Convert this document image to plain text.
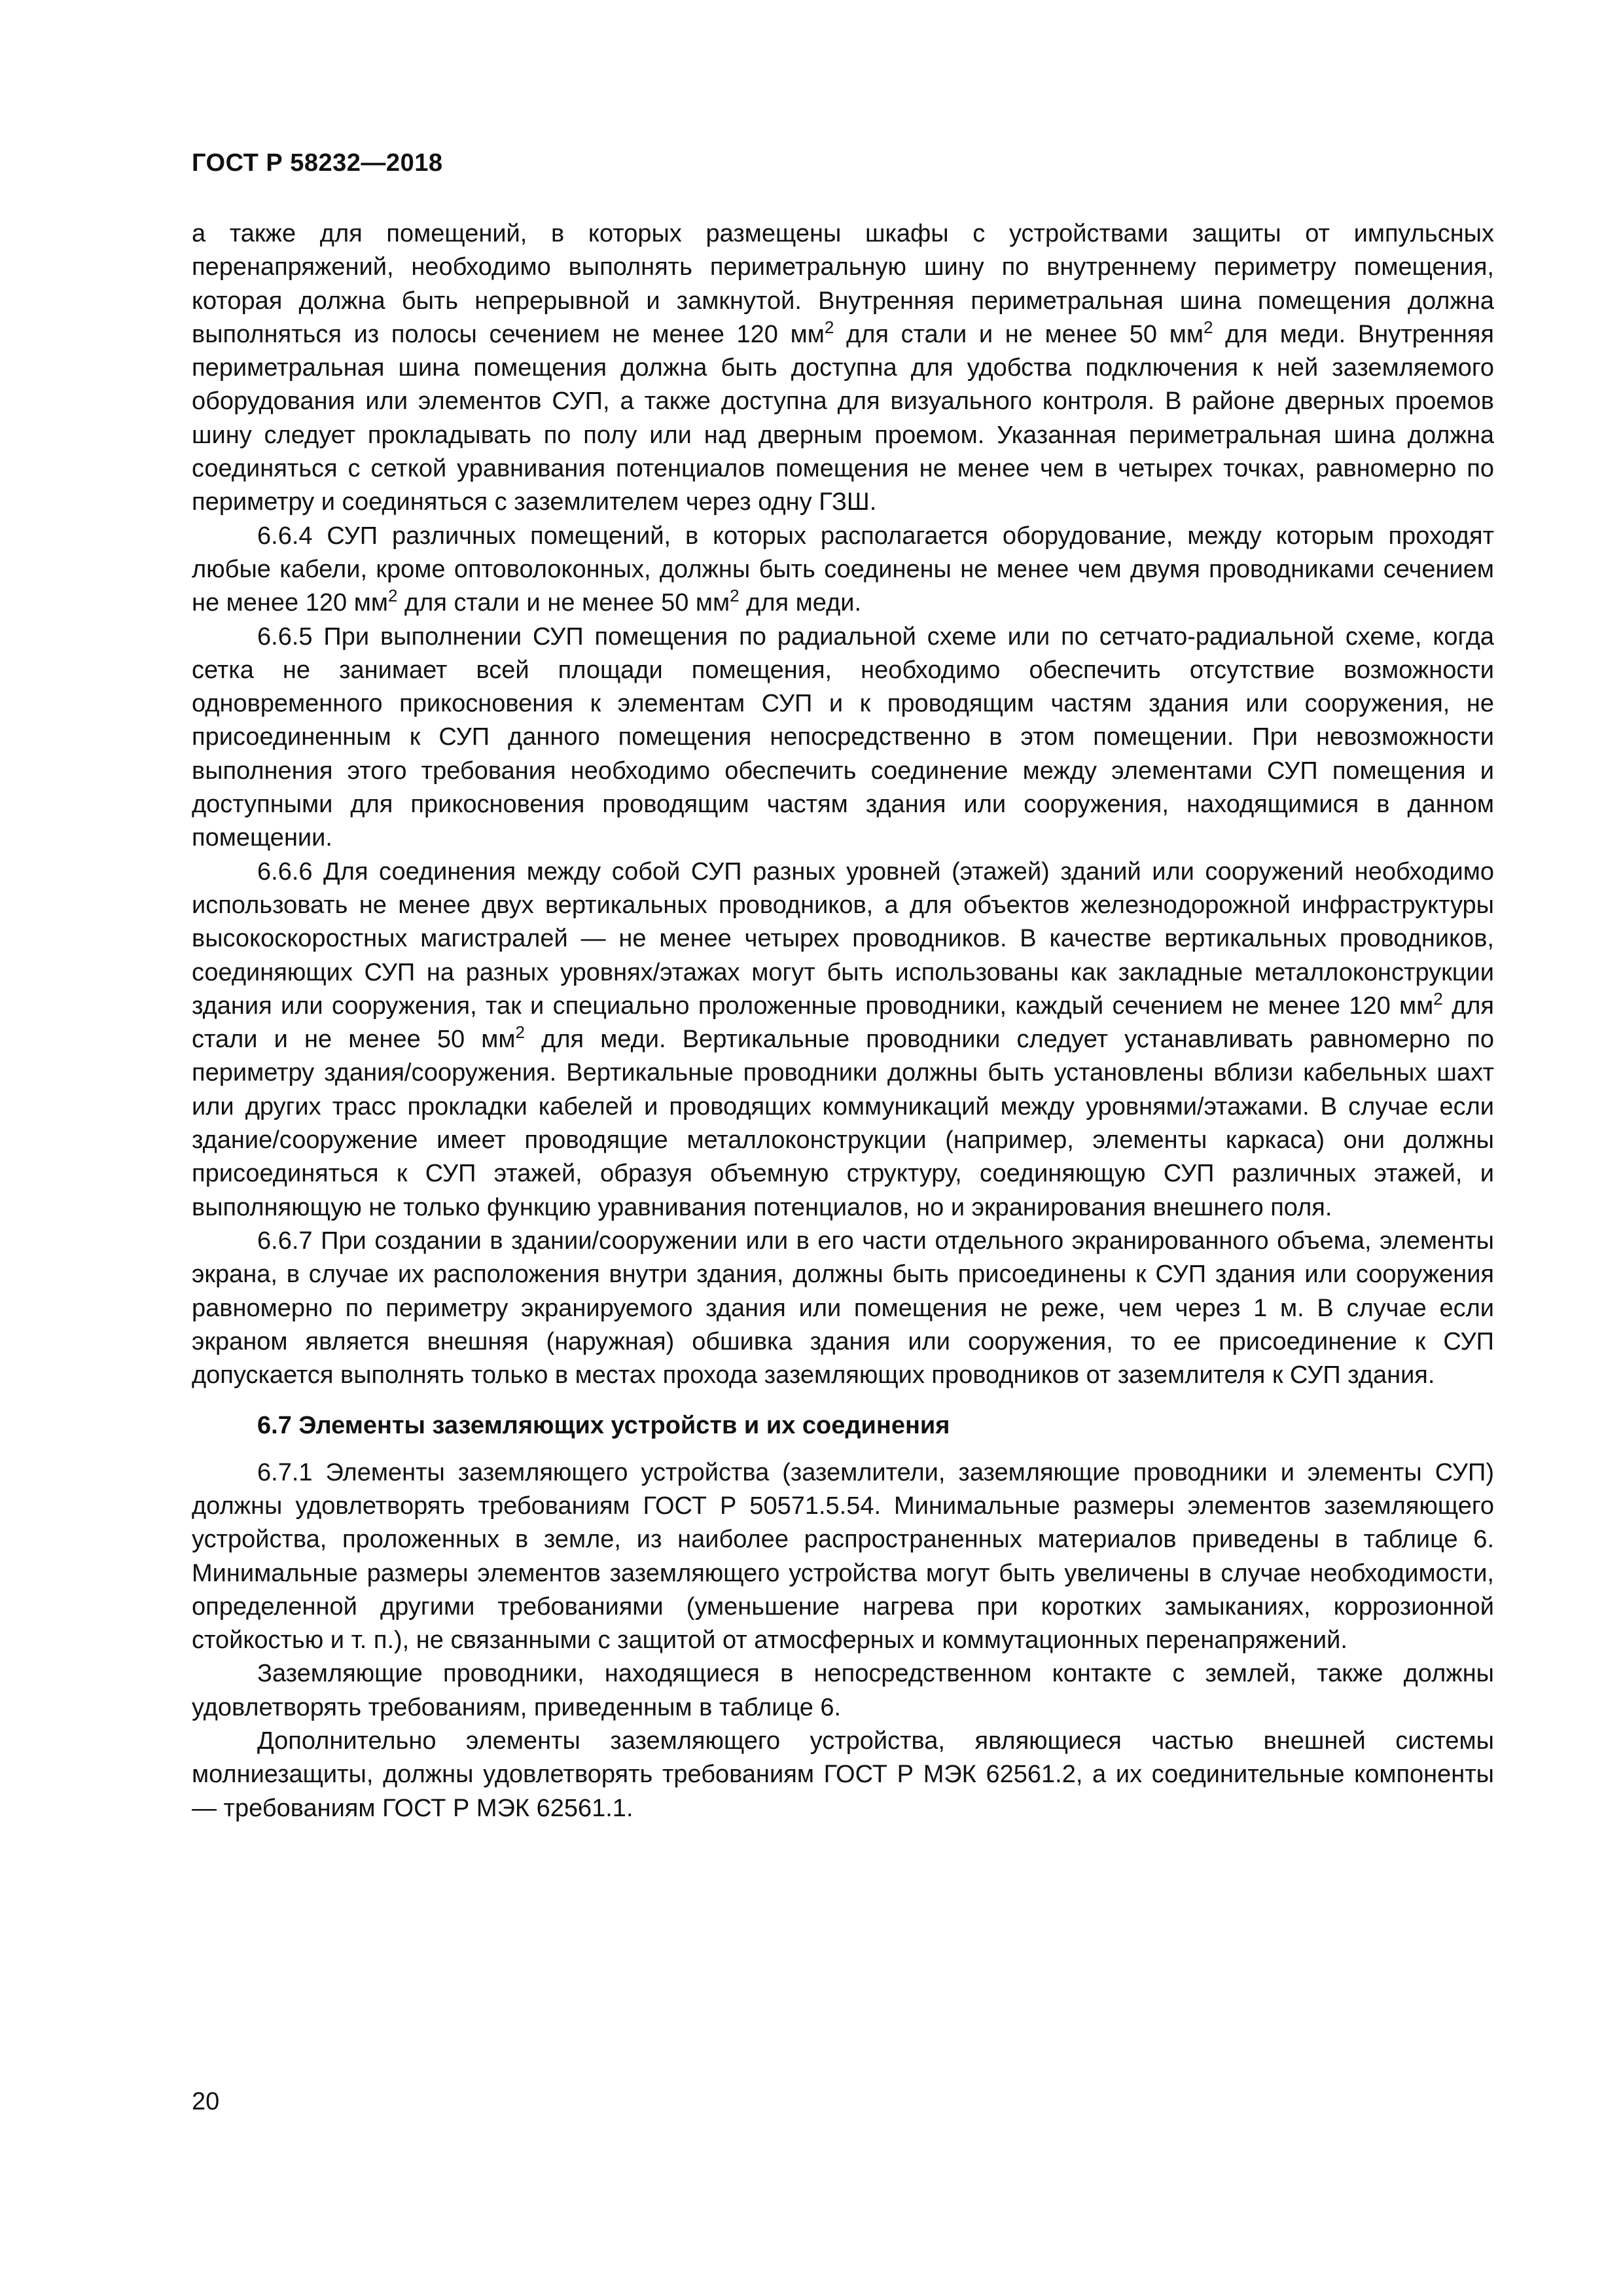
ГОСТ Р 58232—2018

а также для помещений, в которых размещены шкафы с устройствами защиты от импульсных перенапряжений, необходимо выполнять периметральную шину по внутреннему периметру помещения, которая должна быть непрерывной и замкнутой. Внутренняя периметральная шина помещения должна выполняться из полосы сечением не менее 120 $мм^2$ для стали и не менее 50 $мм^2$ для меди. Внутренняя периметральная шина помещения должна быть доступна для удобства подключения к ней заземляемого оборудования или элементов СУП, а также доступна для визуального контроля. В районе дверных проемов шину следует прокладывать по полу или над дверным проемом. Указанная периметральная шина должна соединяться с сеткой уравнивания потенциалов помещения не менее чем в четырех точках, равномерно по периметру и соединяться с заземлителем через одну ГЗШ.

6.6.4 СУП различных помещений, в которых располагается оборудование, между которым проходят любые кабели, кроме оптоволоконных, должны быть соединены не менее чем двумя проводниками сечением не менее 120 $мм^2$ для стали и не менее 50 $мм^2$ для меди.

6.6.5 При выполнении СУП помещения по радиальной схеме или по сетчато-радиальной схеме, когда сетка не занимает всей площади помещения, необходимо обеспечить отсутствие возможности одновременного прикосновения к элементам СУП и к проводящим частям здания или сооружения, не присоединенным к СУП данного помещения непосредственно в этом помещении. При невозможности выполнения этого требования необходимо обеспечить соединение между элементами СУП помещения и доступными для прикосновения проводящим частям здания или сооружения, находящимися в данном помещении.

6.6.6 Для соединения между собой СУП разных уровней (этажей) зданий или сооружений необходимо использовать не менее двух вертикальных проводников, а для объектов железнодорожной инфраструктуры высокоскоростных магистралей — не менее четырех проводников. В качестве вертикальных проводников, соединяющих СУП на разных уровнях/этажах могут быть использованы как закладные металлоконструкции здания или сооружения, так и специально проложенные проводники, каждый сечением не менее 120 $мм^2$ для стали и не менее 50 $мм^2$ для меди. Вертикальные проводники следует устанавливать равномерно по периметру здания/сооружения. Вертикальные проводники должны быть установлены вблизи кабельных шахт или других трасс прокладки кабелей и проводящих коммуникаций между уровнями/этажами. В случае если здание/сооружение имеет проводящие металлоконструкции (например, элементы каркаса) они должны присоединяться к СУП этажей, образуя объемную структуру, соединяющую СУП различных этажей, и выполняющую не только функцию уравнивания потенциалов, но и экранирования внешнего поля.

6.6.7 При создании в здании/сооружении или в его части отдельного экранированного объема, элементы экрана, в случае их расположения внутри здания, должны быть присоединены к СУП здания или сооружения равномерно по периметру экранируемого здания или помещения не реже, чем через 1 м. В случае если экраном является внешняя (наружная) обшивка здания или сооружения, то ее присоединение к СУП допускается выполнять только в местах прохода заземляющих проводников от заземлителя к СУП здания.

6.7 Элементы заземляющих устройств и их соединения

6.7.1 Элементы заземляющего устройства (заземлители, заземляющие проводники и элементы СУП) должны удовлетворять требованиям ГОСТ Р 50571.5.54. Минимальные размеры элементов заземляющего устройства, проложенных в земле, из наиболее распространенных материалов приведены в таблице 6. Минимальные размеры элементов заземляющего устройства могут быть увеличены в случае необходимости, определенной другими требованиями (уменьшение нагрева при коротких замыканиях, коррозионной стойкостью и т. п.), не связанными с защитой от атмосферных и коммутационных перенапряжений.

Заземляющие проводники, находящиеся в непосредственном контакте с землей, также должны удовлетворять требованиям, приведенным в таблице 6.

Дополнительно элементы заземляющего устройства, являющиеся частью внешней системы молниезащиты, должны удовлетворять требованиям ГОСТ Р МЭК 62561.2, а их соединительные компоненты — требованиям ГОСТ Р МЭК 62561.1.

20
